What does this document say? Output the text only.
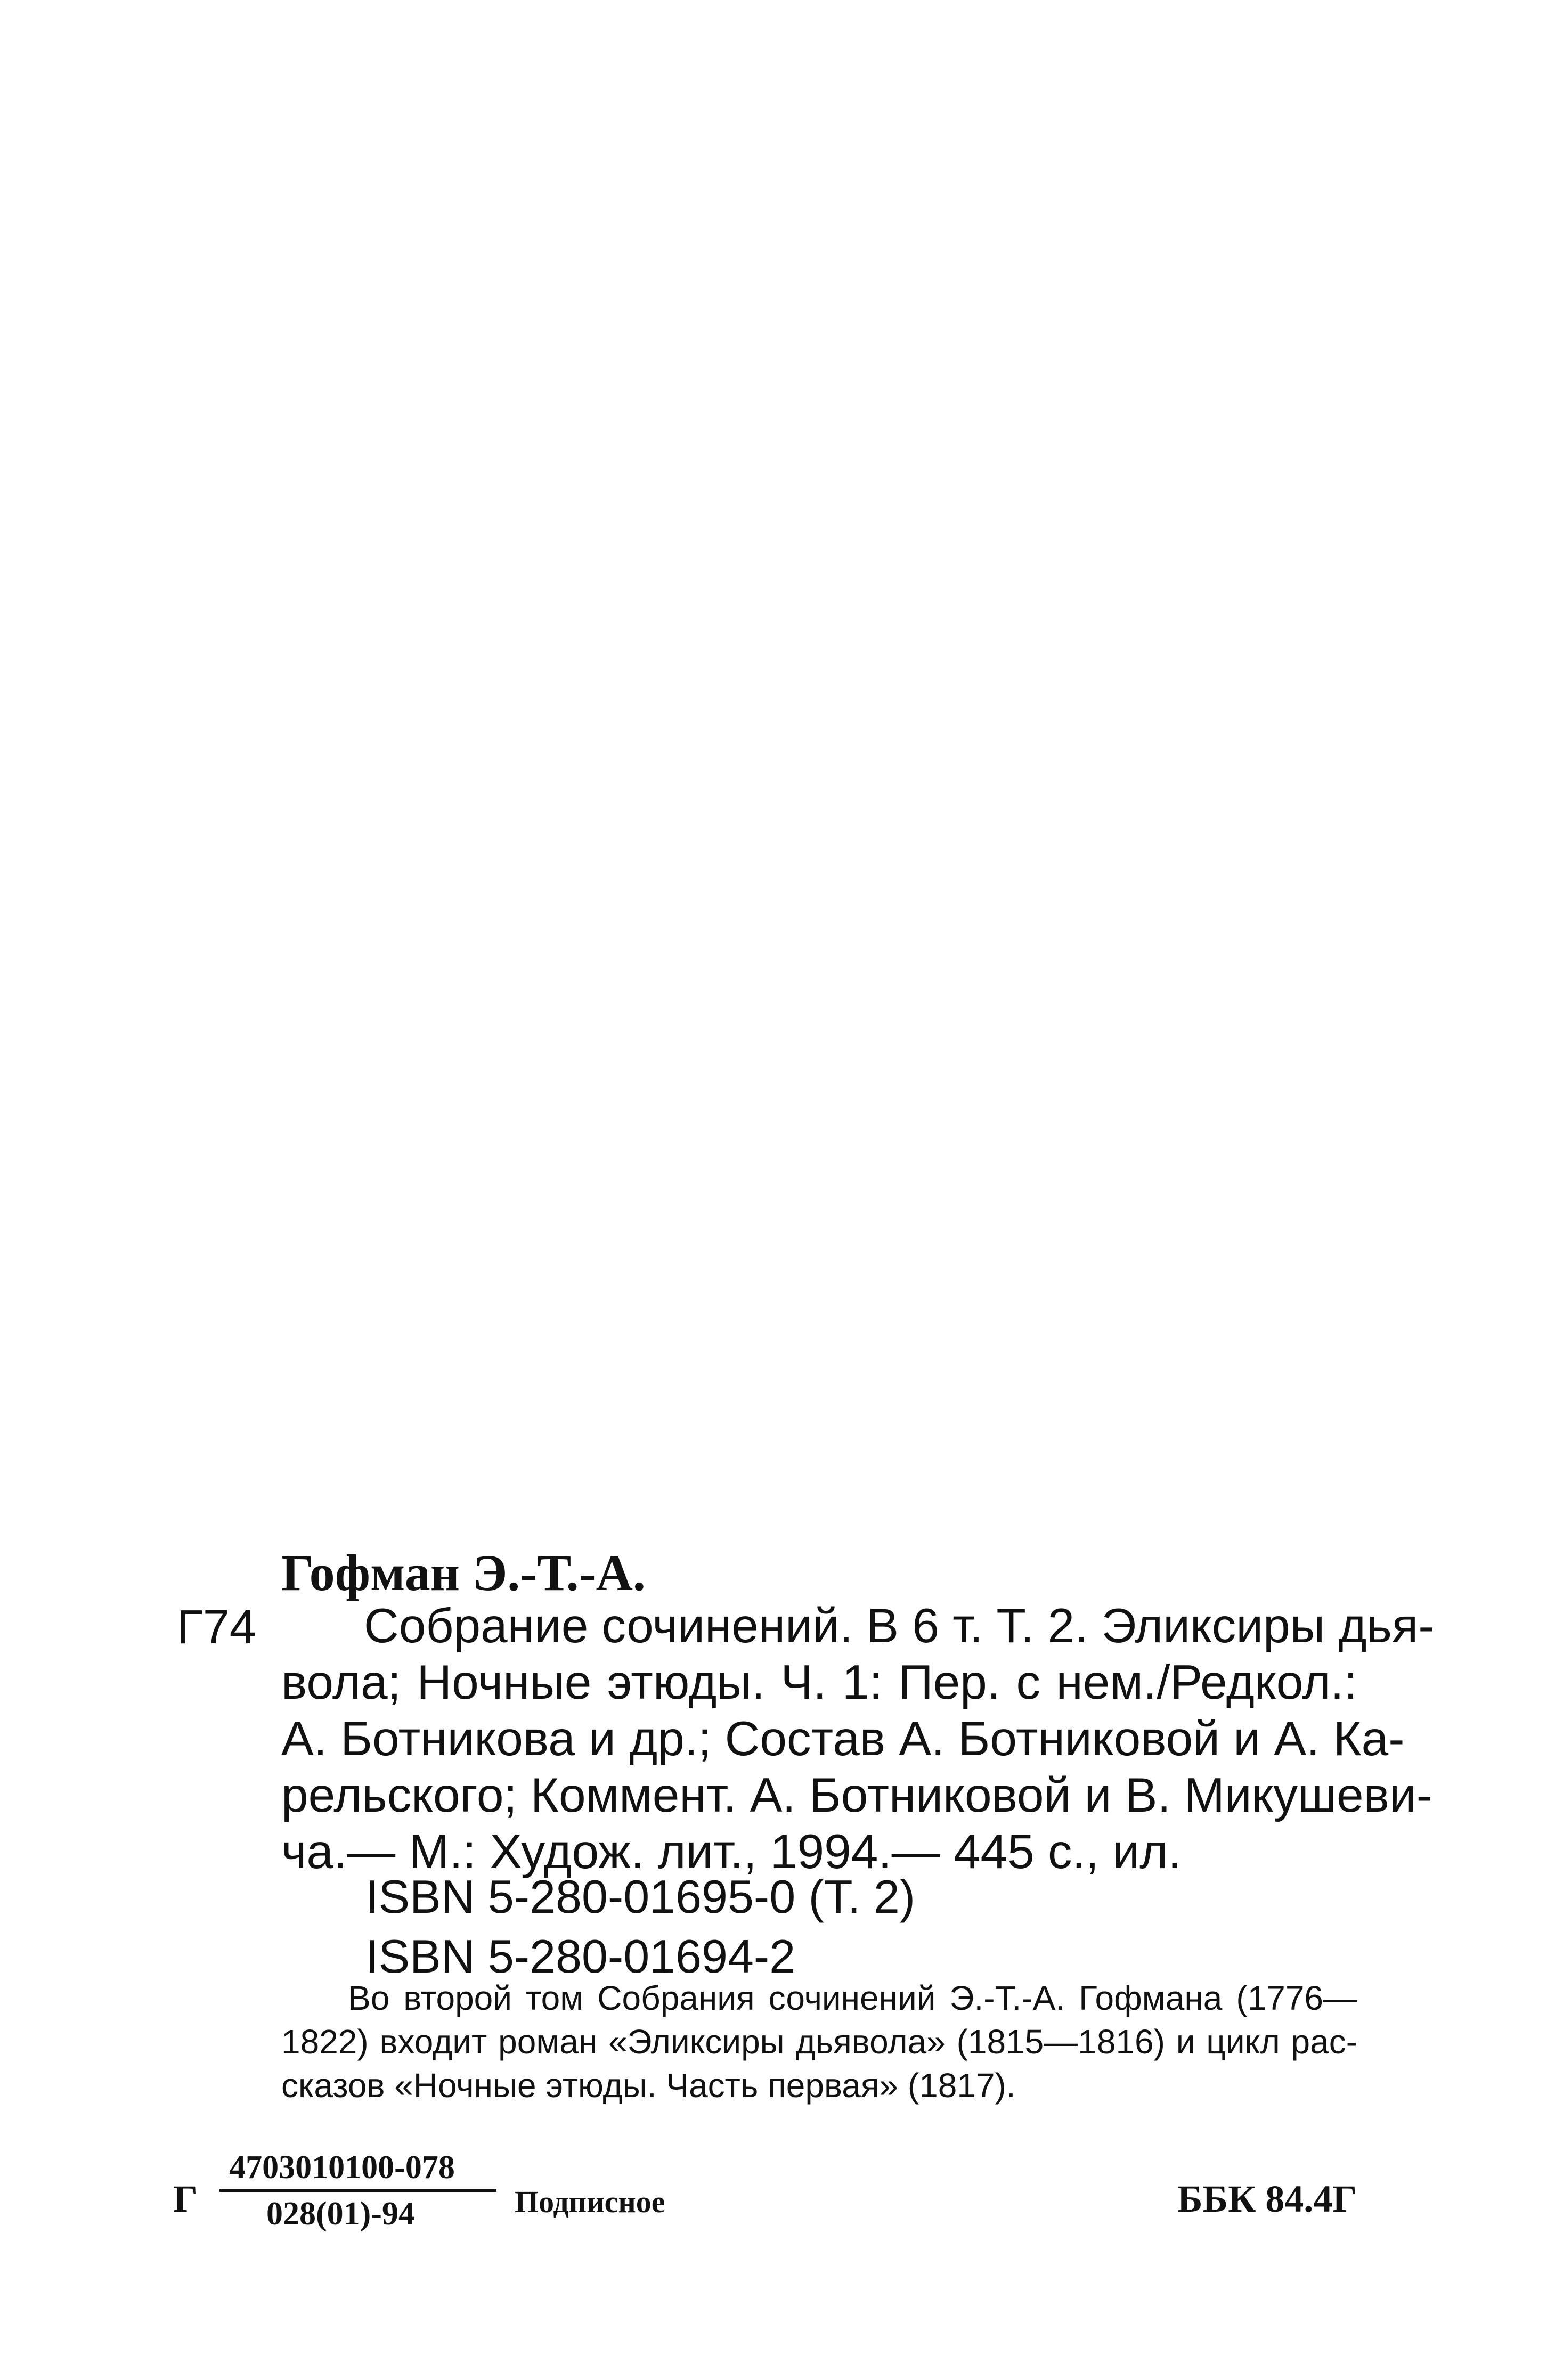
Гофман Э.-Т.-А.
Г74	Собрание сочинений. В 6 т. Т. 2. Эликсиры дья-
вола; Ночные этюды. Ч. 1: Пер. с нем./Редкол.:
А. Ботникова и др.; Состав А. Ботниковой и А. Ка-
рельского; Коммент. А. Ботниковой и В. Микушеви-
ча.— М.: Худож. лит., 1994.— 445 с., ил.
ISBN 5-280-01695-0 (Т. 2)
ISBN 5-280-01694-2
Во второй том Собрания сочинений Э.-Т.-А. Гофмана (1776—
1822) входит роман «Эликсиры дьявола» (1815—1816) и цикл рас-
сказов «Ночные этюды. Часть первая» (1817).
Г
4703010100-078
028(01)-94	Подписное	ББК 84.4Г
